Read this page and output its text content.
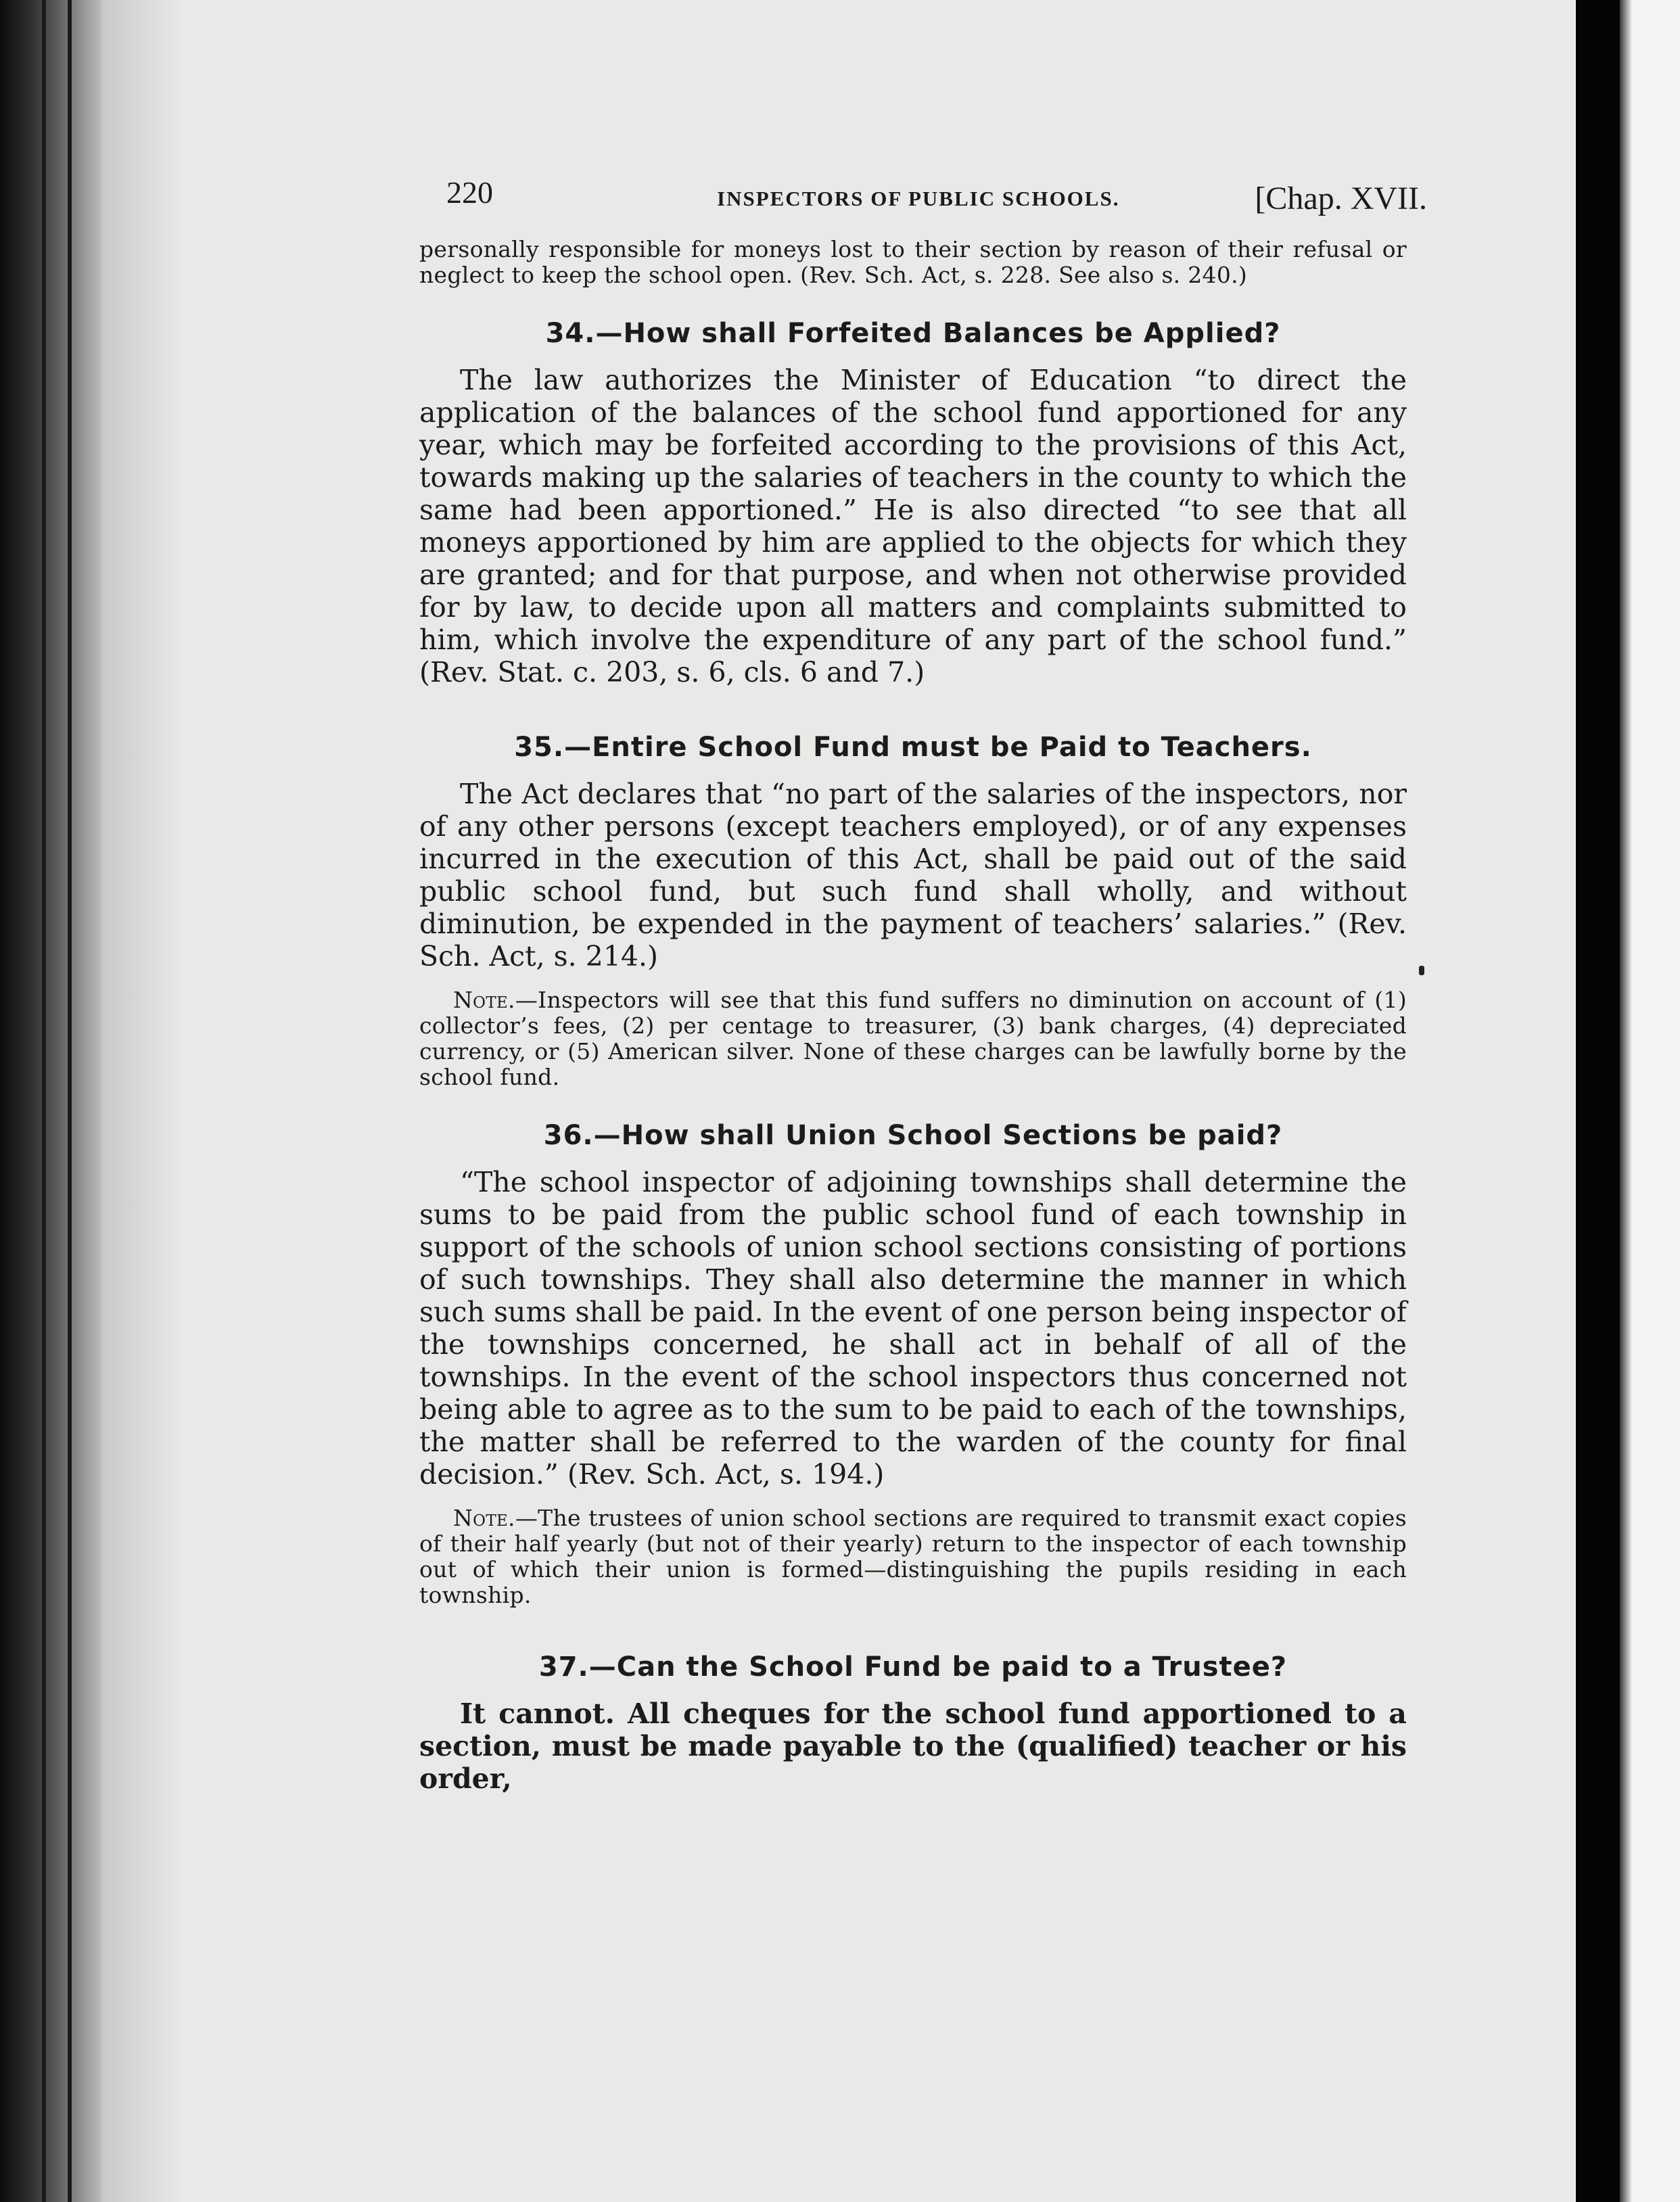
220	INSPECTORS OF PUBLIC SCHOOLS.	[Chap. XVII.

personally responsible for moneys lost to their section by reason of their refusal or neglect to keep the school open. (Rev. Sch. Act, s. 228. See also s. 240.)

34.—How shall Forfeited Balances be Applied?

The law authorizes the Minister of Education “to direct the application of the balances of the school fund apportioned for any year, which may be forfeited according to the provisions of this Act, towards making up the salaries of teachers in the county to which the same had been apportioned.” He is also directed “to see that all moneys apportioned by him are applied to the objects for which they are granted; and for that purpose, and when not otherwise provided for by law, to decide upon all matters and complaints submitted to him, which involve the expenditure of any part of the school fund.” (Rev. Stat. c. 203, s. 6, cls. 6 and 7.)

35.—Entire School Fund must be Paid to Teachers.

The Act declares that “no part of the salaries of the inspectors, nor of any other persons (except teachers employed), or of any expenses incurred in the execution of this Act, shall be paid out of the said public school fund, but such fund shall wholly, and without diminution, be expended in the payment of teachers’ salaries.” (Rev. Sch. Act, s. 214.)

Note.—Inspectors will see that this fund suffers no diminution on account of (1) collector’s fees, (2) per centage to treasurer, (3) bank charges, (4) depreciated currency, or (5) American silver. None of these charges can be lawfully borne by the school fund.

36.—How shall Union School Sections be paid?

“The school inspector of adjoining townships shall determine the sums to be paid from the public school fund of each township in support of the schools of union school sections consisting of portions of such townships. They shall also determine the manner in which such sums shall be paid. In the event of one person being inspector of the townships concerned, he shall act in behalf of all of the townships. In the event of the school inspectors thus concerned not being able to agree as to the sum to be paid to each of the townships, the matter shall be referred to the warden of the county for final decision.” (Rev. Sch. Act, s. 194.)

Note.—The trustees of union school sections are required to transmit exact copies of their half yearly (but not of their yearly) return to the inspector of each township out of which their union is formed—distinguishing the pupils residing in each township.

37.—Can the School Fund be paid to a Trustee?

It cannot. All cheques for the school fund apportioned to a section, must be made payable to the (qualified) teacher or his order,
